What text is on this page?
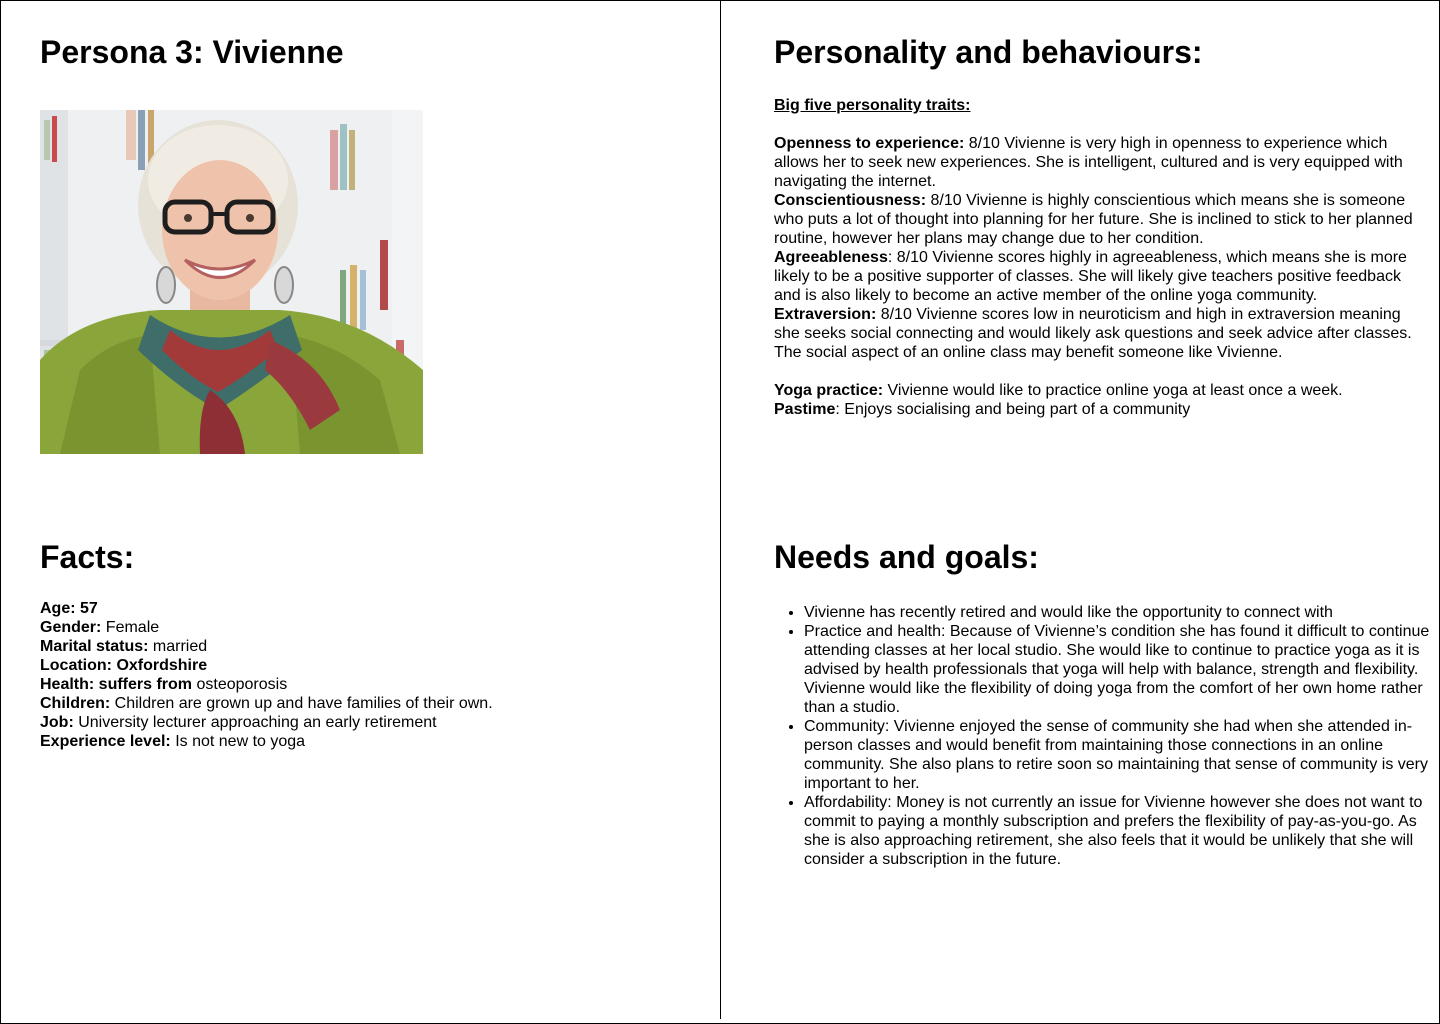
Persona 3: Vivienne
Facts:
Age: 57
Gender: Female
Marital status: married
Location: Oxfordshire
Health: suffers from osteoporosis
Children: Children are grown up and have families of their own.
Job: University lecturer approaching an early retirement
Experience level: Is not new to yoga
Personality and behaviours:
Big five personality traits:

Openness to experience: 8/10 Vivienne is very high in openness to experience which allows her to seek new experiences. She is intelligent, cultured and is very equipped with navigating the internet.

Conscientiousness: 8/10 Vivienne is highly conscientious which means she is someone who puts a lot of thought into planning for her future. She is inclined to stick to her planned routine, however her plans may change due to her condition.

Agreeableness: 8/10 Vivienne scores highly in agreeableness, which means she is more likely to be a positive supporter of classes. She will likely give teachers positive feedback and is also likely to become an active member of the online yoga community.

Extraversion: 8/10 Vivienne scores low in neuroticism and high in extraversion meaning she seeks social connecting and would likely ask questions and seek advice after classes. The social aspect of an online class may benefit someone like Vivienne.

Yoga practice: Vivienne would like to practice online yoga at least once a week.

Pastime: Enjoys socialising and being part of a community

Needs and goals:
• Vivienne has recently retired and would like the opportunity to connect with
• Practice and health: Because of Vivienne’s condition she has found it difficult to continue attending classes at her local studio. She would like to continue to practice yoga as it is advised by health professionals that yoga will help with balance, strength and flexibility. Vivienne would like the flexibility of doing yoga from the comfort of her own home rather than a studio.
• Community: Vivienne enjoyed the sense of community she had when she attended in-person classes and would benefit from maintaining those connections in an online community. She also plans to retire soon so maintaining that sense of community is very important to her.
• Affordability: Money is not currently an issue for Vivienne however she does not want to commit to paying a monthly subscription and prefers the flexibility of pay-as-you-go. As she is also approaching retirement, she also feels that it would be unlikely that she will consider a subscription in the future.
